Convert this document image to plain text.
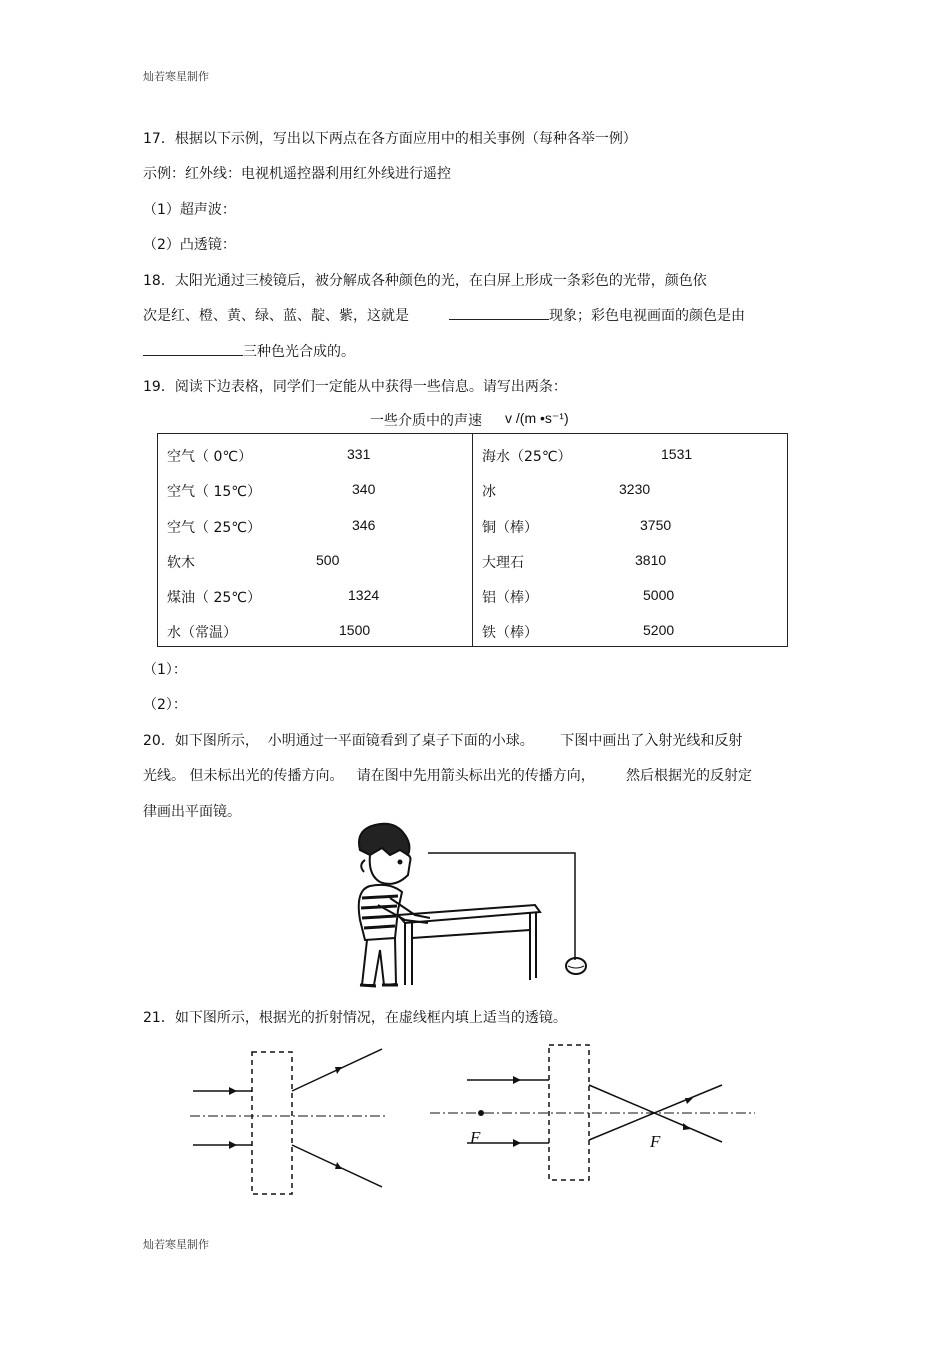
灿若寒星制作
17．根据以下示例，写出以下两点在各方面应用中的相关事例（每种各举一例）
示例：红外线：电视机遥控器利用红外线进行遥控
（1）超声波：
（2）凸透镜：
18．太阳光通过三棱镜后，被分解成各种颜色的光，在白屏上形成一条彩色的光带，颜色依
次是红、橙、黄、绿、蓝、靛、紫，这就是	现象；彩色电视画面的颜色是由
三种色光合成的。
19．阅读下边表格，同学们一定能从中获得一些信息。请写出两条：
一些介质中的声速 v /(m •s⁻¹)
空气（ 0℃）	331
空气（ 15℃）	340
空气（ 25℃）	346
软木	500
煤油（ 25℃）	1324
水（常温）	1500

海水（25℃）	1531
冰	3230
铜（棒）	3750
大理石	3810
铝（棒）	5000
铁（棒）	5200
（1）：
（2）：
20．如下图所示，  小明通过一平面镜看到了桌子下面的小球。      下图中画出了入射光线和反射
光线。 但未标出光的传播方向。   请在图中先用箭头标出光的传播方向，       然后根据光的反射定
律画出平面镜。
21．如下图所示，根据光的折射情况，在虚线框内填上适当的透镜。
F	F
灿若寒星制作
